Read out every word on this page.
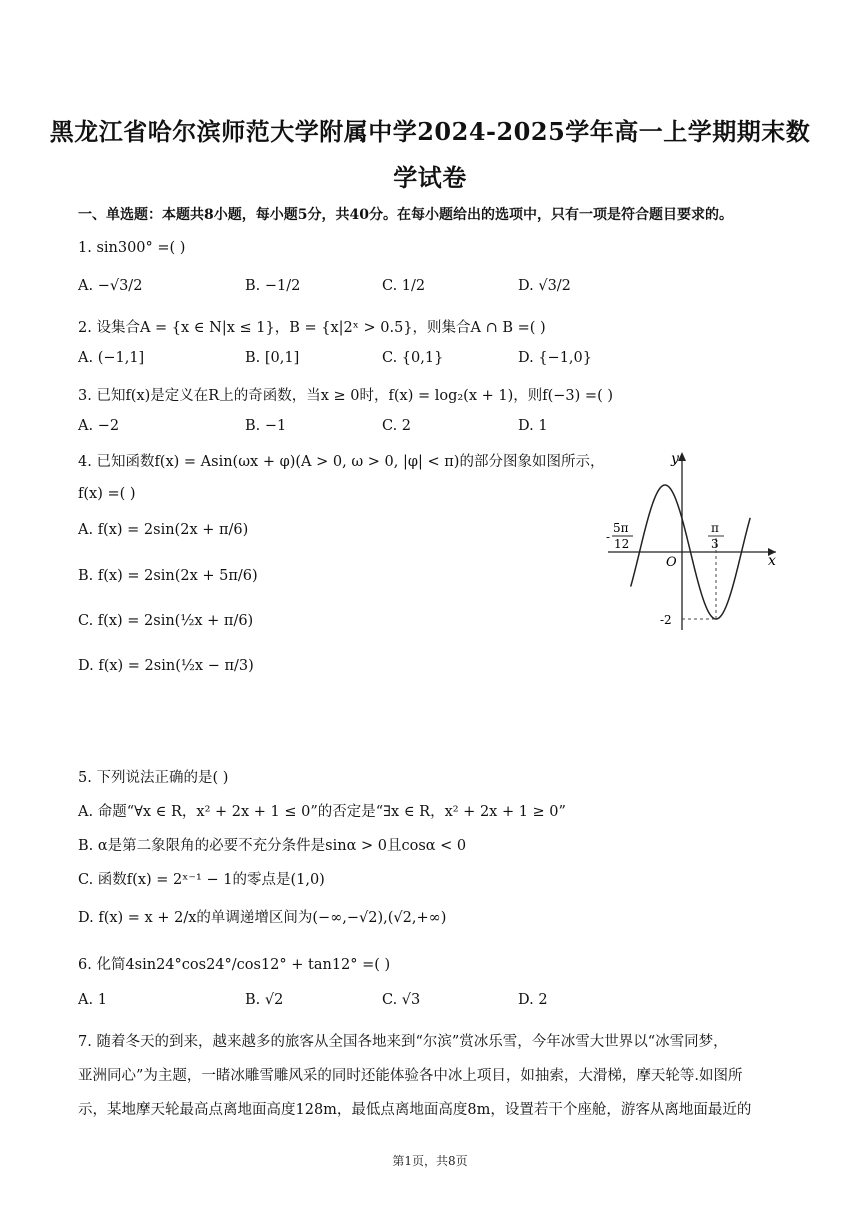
黑龙江省哈尔滨师范大学附属中学2024-2025学年高一上学期期末数
学试卷
一、单选题：本题共8小题，每小题5分，共40分。在每小题给出的选项中，只有一项是符合题目要求的。
1. sin300° =( )
A. −√3/2	B. −1/2	C. 1/2	D. √3/2
2. 设集合A = {x ∈ N|x ≤ 1}，B = {x|2ˣ > 0.5}，则集合A ∩ B =( )
A. (−1,1]	B. [0,1]	C. {0,1}	D. {−1,0}
3. 已知f(x)是定义在R上的奇函数，当x ≥ 0时，f(x) = log₂(x + 1)，则f(−3) =( )
A. −2	B. −1	C. 2	D. 1
4. 已知函数f(x) = Asin(ωx + φ)(A > 0, ω > 0, |φ| < π)的部分图象如图所示，
f(x) =( )
A. f(x) = 2sin(2x + π/6)
B. f(x) = 2sin(2x + 5π/6)
C. f(x) = 2sin(½x + π/6)
D. f(x) = 2sin(½x − π/3)
x
y
O
-
5π
12
π
3
-2
5. 下列说法正确的是( )
A. 命题“∀x ∈ R，x² + 2x + 1 ≤ 0”的否定是“∃x ∈ R，x² + 2x + 1 ≥ 0”
B. α是第二象限角的必要不充分条件是sinα > 0且cosα < 0
C. 函数f(x) = 2ˣ⁻¹ − 1的零点是(1,0)
D. f(x) = x + 2/x的单调递增区间为(−∞,−√2),(√2,+∞)
6. 化简4sin24°cos24°/cos12° + tan12° =( )
A. 1	B. √2	C. √3	D. 2
7. 随着冬天的到来，越来越多的旅客从全国各地来到“尔滨”赏冰乐雪，今年冰雪大世界以“冰雪同梦，
亚洲同心”为主题，一睹冰雕雪雕风采的同时还能体验各中冰上项目，如抽索，大滑梯，摩天轮等.如图所
示，某地摩天轮最高点离地面高度128m，最低点离地面高度8m，设置若干个座舱，游客从离地面最近的
第1页，共8页
